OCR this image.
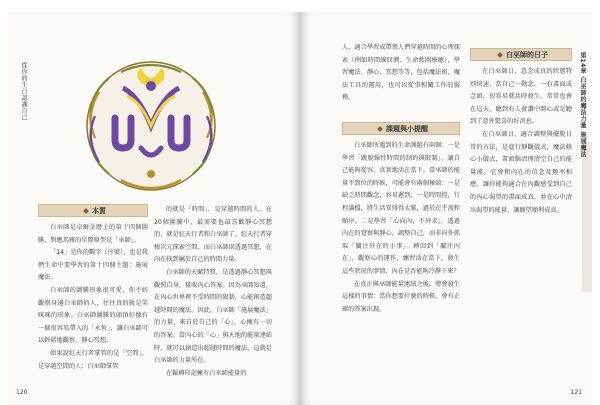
從你的生日認識自己
本質

白巫師是卓爾金曆上的第十四個圖騰，對應馬雅的星際原型是「巫師」。

「14」是你的數字（序號），也是我們生命中要學習的第十四個主題：施展魔法。

白巫師的圖騰形象很可愛，你不妨觀察身邊白巫師的人，往往真的就是笑咪咪的形象。白巫師圖騰的頭頂好像有一個很容易帶入的「永恆」，讓白巫師可以輕鬆地觀察，靜心冥想。

如果說紅天行者掌管的是「空間」，是穿越空間的人；白巫師掌管

的就是「時間」，是穿越時間的人。在20個圖騰中，最需要也最喜歡靜心冥想的，就是紅天行者和白巫師了。紅天行者穿梭次元探索空間，而白巫師則透過冥想，在內在找到屬於自己的時間力量。

白巫師的天賦特質，是透過靜心冥想與觀照自身，接收內心答案。因為巫師知道，在內心世界裡不受時間的限制，心能創造超越時間的魔法。因此，白巫師「施展魔法」的力量，來自於自己的「心」，心擁有一切的答案。當內心的「心」與天地的能量連結時，就可以創造出超越時間的魔法，這就是白巫師的力量所在。

在輪轉印記擁有白巫師能量的

120
第14章 白巫師的魔法力量 施展魔法

人，適合學習或帶領人們穿越時間的心理探索（例如時間線回溯、生命藍圖療癒），學習魔法、靜心、冥想等等，包括魔法術，魔法工具的運用，也可以從事相關工作的服務。

課題與小提醒

白巫師所遇到的生命課題有兩個：一是學習「跳脫線性時間的制約與限制」，讓自己能夠從容、真實地活在當下。當巫師的能量不到位的時候，可能會有兩個極端：一是缺乏時間觀念，容易遲到；一是時間控，行程滿檔，將生活安排得太緊，過於在乎流程順序。二是學習「心向內，不外求」，透過內在的覺察與靜心，調整自己，而非向外抓取「關注外在的小事」。轉回到「關注內在」，觀察心的運作，練習活在當下，發生這些狀況的事情，內在是否能夠冷靜下來？

在真正與巫師能量連結之後，將會發生這樣的事情：當你想要什麼的時候，會有正確的答案出現。

白巫師的日子

在白巫師日，意念成真的狀態特別快速，當自己一動念，一有畫面或念頭，很容易就共時發生。常常也會在這天，聽到有人發讚中開心或是聽到了意外驚喜的好消息。

在白巫師日，適合調整與擺脫日常的方法，是進行靜觀儀式，魔法修心小儀式，畫頭腦清理清空自己的能量流。它會和內在的信念及頻率相應，讓你能夠適合在內觀感受到自己的內心渴望的畫面成真，並在心中清出渴望的能量，讓願望順利成真。

121
